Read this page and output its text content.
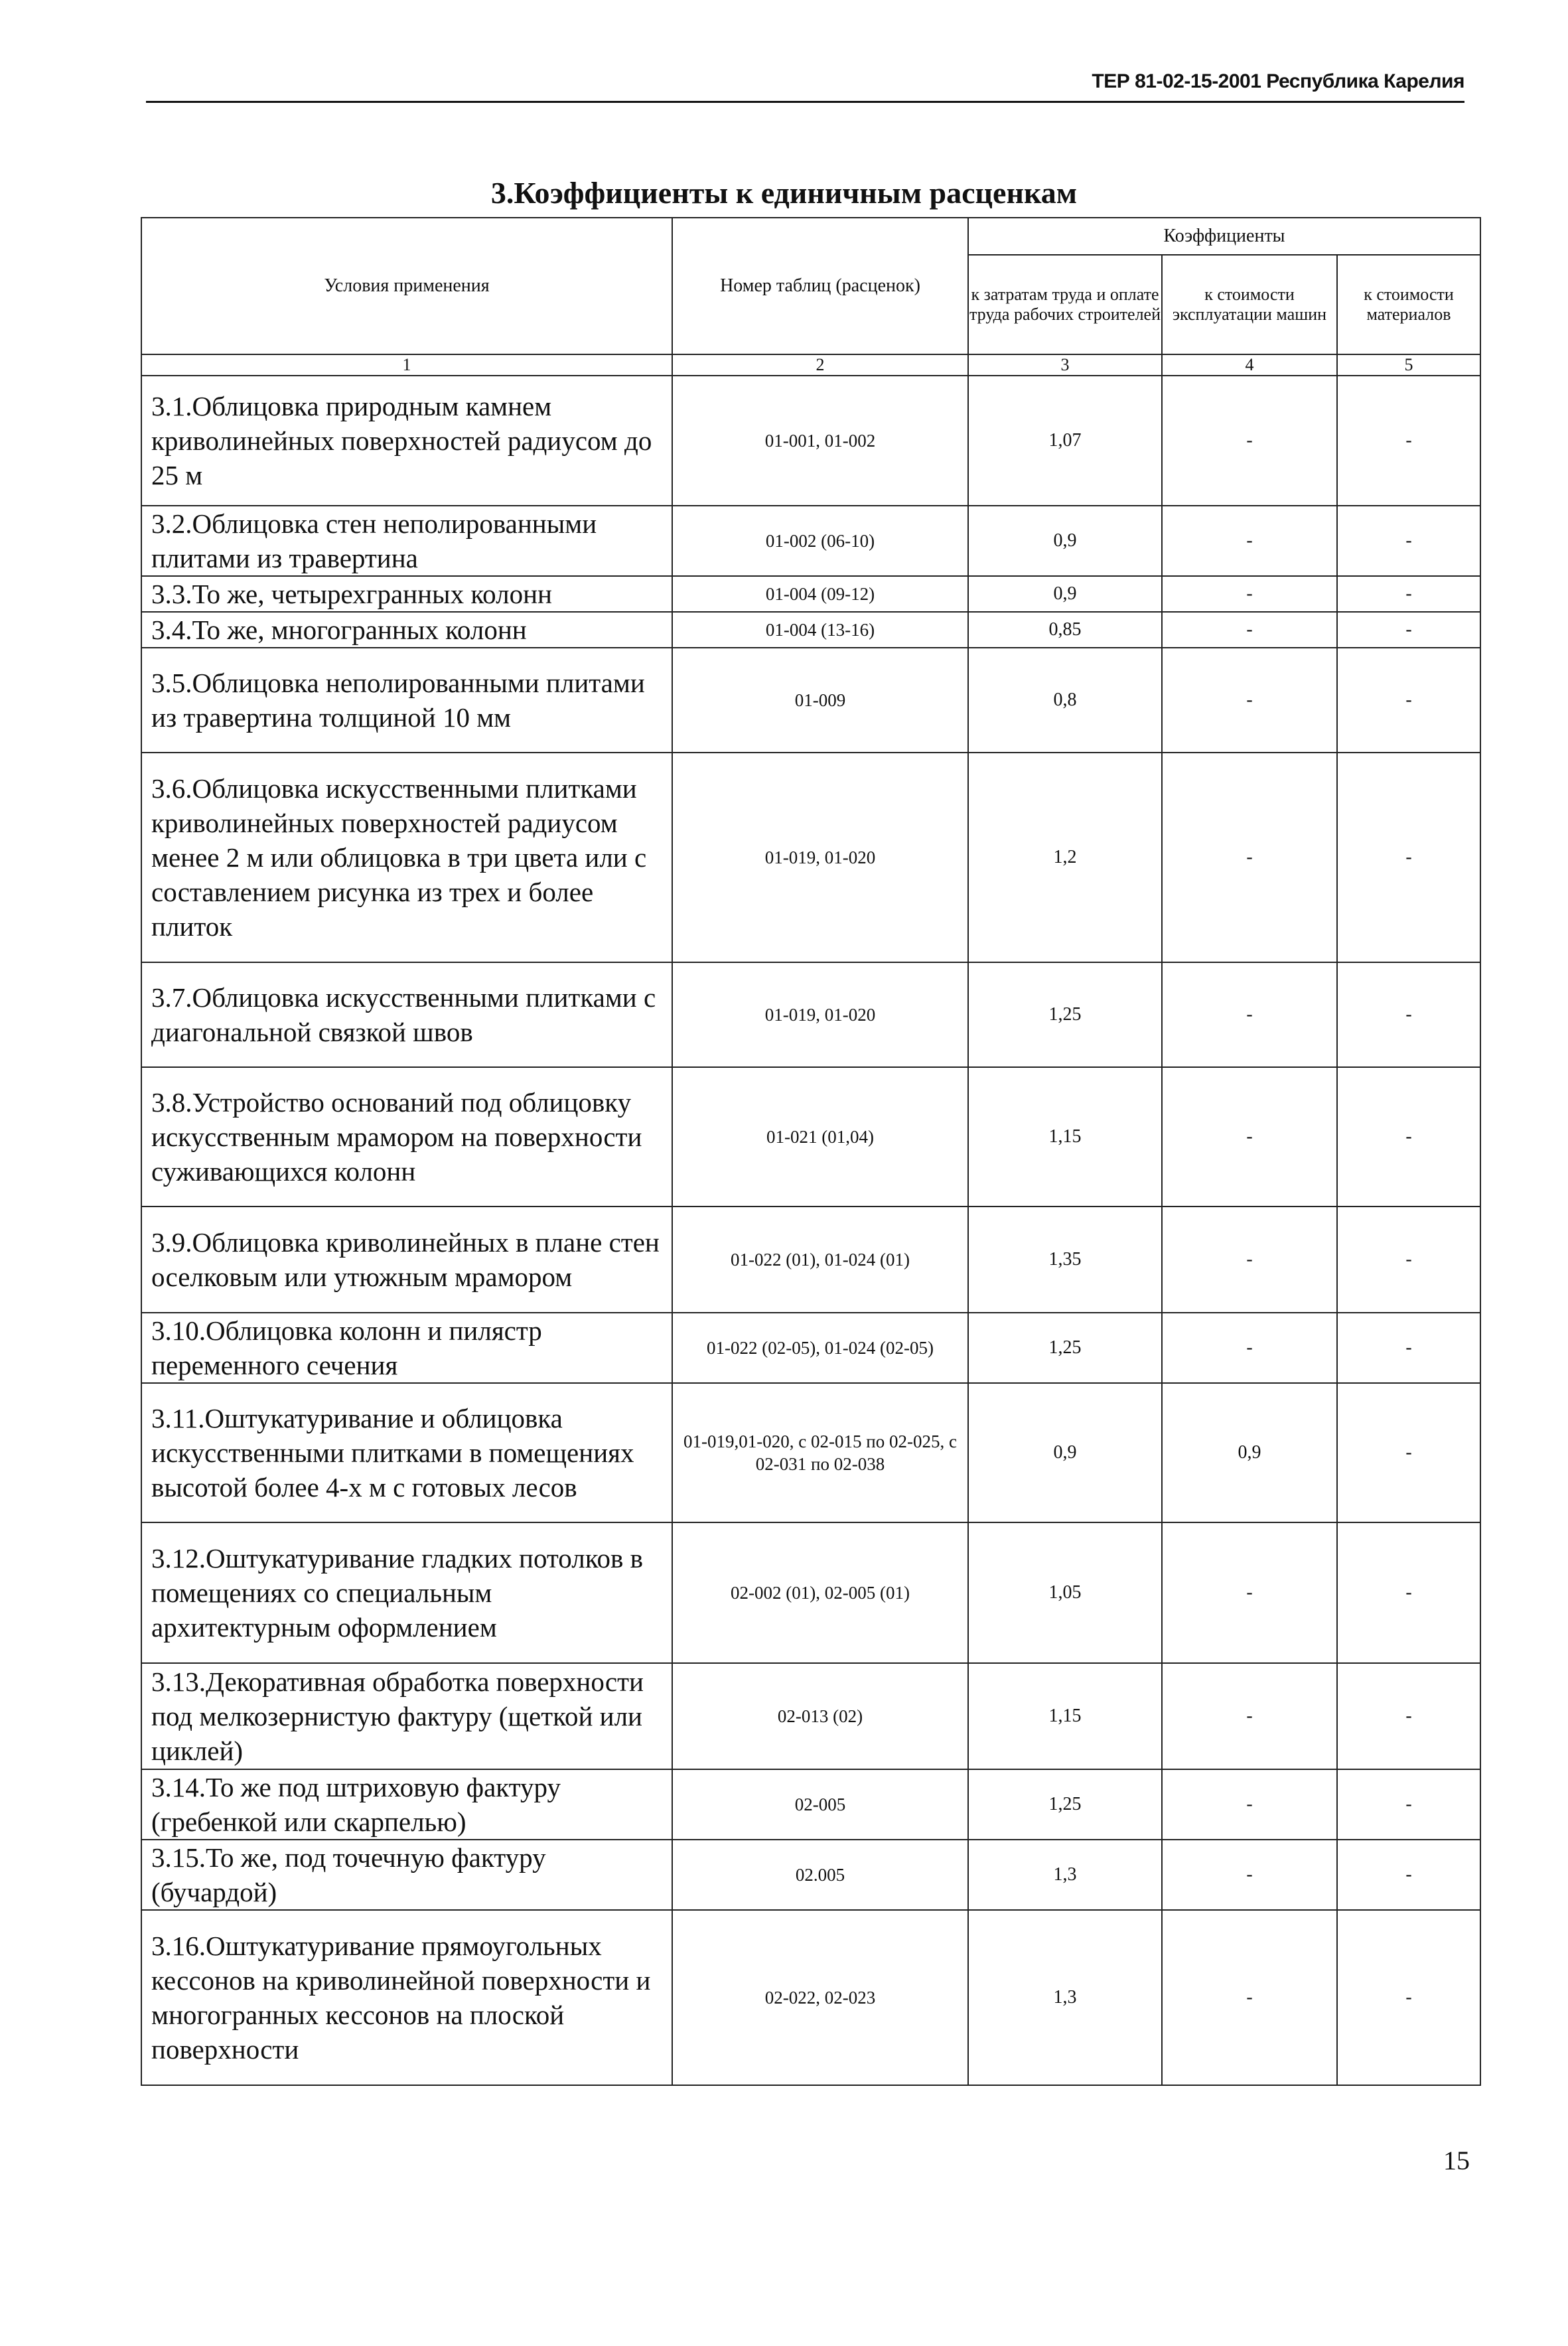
ТЕР 81-02-15-2001 Республика Карелия
3.Коэффициенты к единичным расценкам
Условия применения	Номер таблиц (расценок)	Коэффициенты		
		к затратам труда и оплате труда рабочих строителей	к стоимости эксплуатации машин	к стоимости материалов
1	2	3	4	5
3.1.Облицовка природным камнем криволинейных поверхностей радиусом до 25 м	01-001, 01-002	1,07	-	-
3.2.Облицовка стен неполированными плитами из травертина	01-002 (06-10)	0,9	-	-
3.3.То же, четырехгранных колонн	01-004 (09-12)	0,9	-	-
3.4.То же, многогранных колонн	01-004 (13-16)	0,85	-	-
3.5.Облицовка неполированными плитами из травертина толщиной 10 мм	01-009	0,8	-	-
3.6.Облицовка искусственными плитками криволинейных поверхностей радиусом менее 2 м или облицовка в три цвета или с составлением рисунка из трех и более плиток	01-019, 01-020	1,2	-	-
3.7.Облицовка искусственными плитками с диагональной связкой швов	01-019, 01-020	1,25	-	-
3.8.Устройство оснований под облицовку искусственным мрамором на поверхности суживающихся колонн	01-021 (01,04)	1,15	-	-
3.9.Облицовка криволинейных в плане стен оселковым или утюжным мрамором	01-022 (01), 01-024 (01)	1,35	-	-
3.10.Облицовка колонн и пилястр переменного сечения	01-022 (02-05), 01-024 (02-05)	1,25	-	-
3.11.Оштукатуривание и облицовка искусственными плитками в помещениях высотой более 4-х м с готовых лесов	01-019,01-020, с 02-015 по 02-025, с 02-031 по 02-038	0,9	0,9	-
3.12.Оштукатуривание гладких потолков в помещениях со специальным архитектурным оформлением	02-002 (01), 02-005 (01)	1,05	-	-
3.13.Декоративная обработка поверхности под мелкозернистую фактуру (щеткой или циклей)	02-013 (02)	1,15	-	-
3.14.То же под штриховую фактуру (гребенкой или скарпелью)	02-005	1,25	-	-
3.15.То же, под точечную фактуру (бучардой)	02.005	1,3	-	-
3.16.Оштукатуривание прямоугольных кессонов на криволинейной поверхности и многогранных кессонов на плоской поверхности	02-022, 02-023	1,3	-	-
15
